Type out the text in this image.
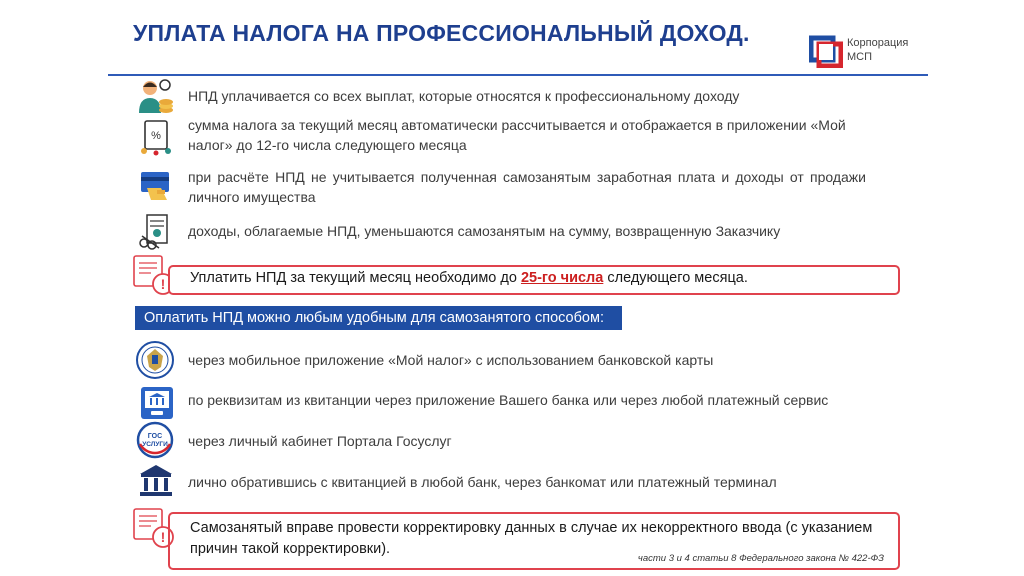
УПЛАТА НАЛОГА НА ПРОФЕССИОНАЛЬНЫЙ ДОХОД.	Корпорация
МСП
НПД уплачивается со всех выплат, которые относятся к профессиональному доходу
%
сумма налога за текущий месяц автоматически рассчитывается и отображается в приложении «Мой налог» до 12-го числа следующего месяца
при расчёте НПД не учитывается полученная самозанятым заработная плата и доходы от продажи личного имущества
доходы, облагаемые НПД, уменьшаются самозанятым на сумму, возвращенную Заказчику
! Уплатить НПД за текущий месяц необходимо до 25-го числа следующего месяца.
Оплатить НПД можно любым удобным для самозанятого способом:
через мобильное приложение «Мой налог» с использованием банковской карты
по реквизитам из квитанции через приложение Вашего банка или через любой платежный сервис
ГОС
УСЛУГИ через личный кабинет Портала Госуслуг
лично обратившись с квитанцией в любой банк, через банкомат или платежный терминал
!
Самозанятый вправе провести корректировку данных в случае их некорректного ввода (с указанием причин такой корректировки).
части 3 и 4 статьи 8 Федерального закона № 422-ФЗ
